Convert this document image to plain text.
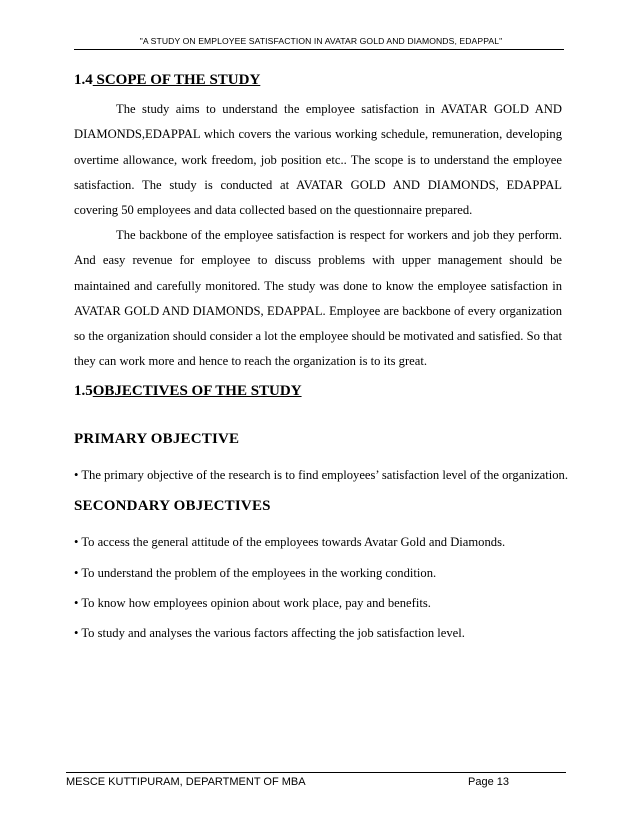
"A STUDY ON EMPLOYEE SATISFACTION IN AVATAR GOLD AND DIAMONDS, EDAPPAL"
1.4 SCOPE OF THE STUDY

The study aims to understand the employee satisfaction in AVATAR GOLD AND DIAMONDS,EDAPPAL which covers the various working schedule, remuneration, developing overtime allowance, work freedom, job position etc.. The scope is to understand the employee satisfaction. The study is conducted at AVATAR GOLD AND DIAMONDS, EDAPPAL covering 50 employees and data collected based on the questionnaire prepared.

The backbone of the employee satisfaction is respect for workers and job they perform. And easy revenue for employee to discuss problems with upper management should be maintained and carefully monitored. The study was done to know the employee satisfaction in AVATAR GOLD AND DIAMONDS, EDAPPAL. Employee are backbone of every organization so the organization should consider a lot the employee should be motivated and satisfied. So that they can work more and hence to reach the organization is to its great.

1.5OBJECTIVES OF THE STUDY
PRIMARY OBJECTIVE
• The primary objective of the research is to find employees’ satisfaction level of the organization.
SECONDARY OBJECTIVES
• To access the general attitude of the employees towards Avatar Gold and Diamonds.
• To understand the problem of the employees in the working condition.
• To know how employees opinion about work place, pay and benefits.
• To study and analyses the various factors affecting the job satisfaction level.
MESCE KUTTIPURAM, DEPARTMENT OF MBA	Page 13
